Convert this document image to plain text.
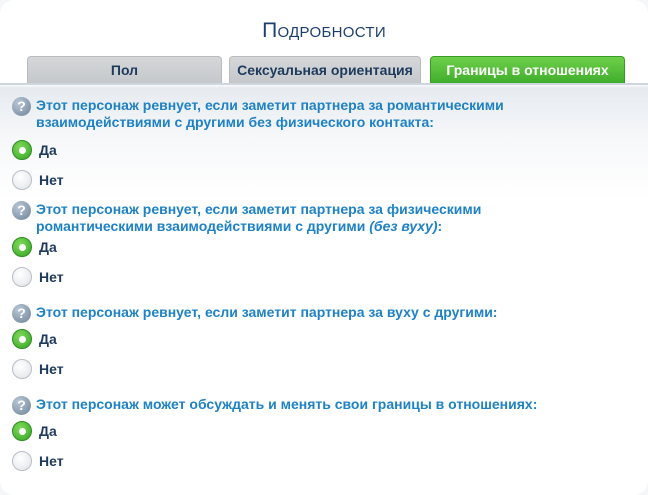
Подробности
Пол	Сексуальная ориентация	Границы в отношениях
? Этот персонаж ревнует, если заметит партнера за романтическими
взаимодействиями с другими без физического контакта:
Да
Нет
? Этот персонаж ревнует, если заметит партнера за физическими
романтическими взаимодействиями с другими (без вуху):
Да
Нет
? Этот персонаж ревнует, если заметит партнера за вуху с другими:
Да
Нет
? Этот персонаж может обсуждать и менять свои границы в отношениях:
Да
Нет
